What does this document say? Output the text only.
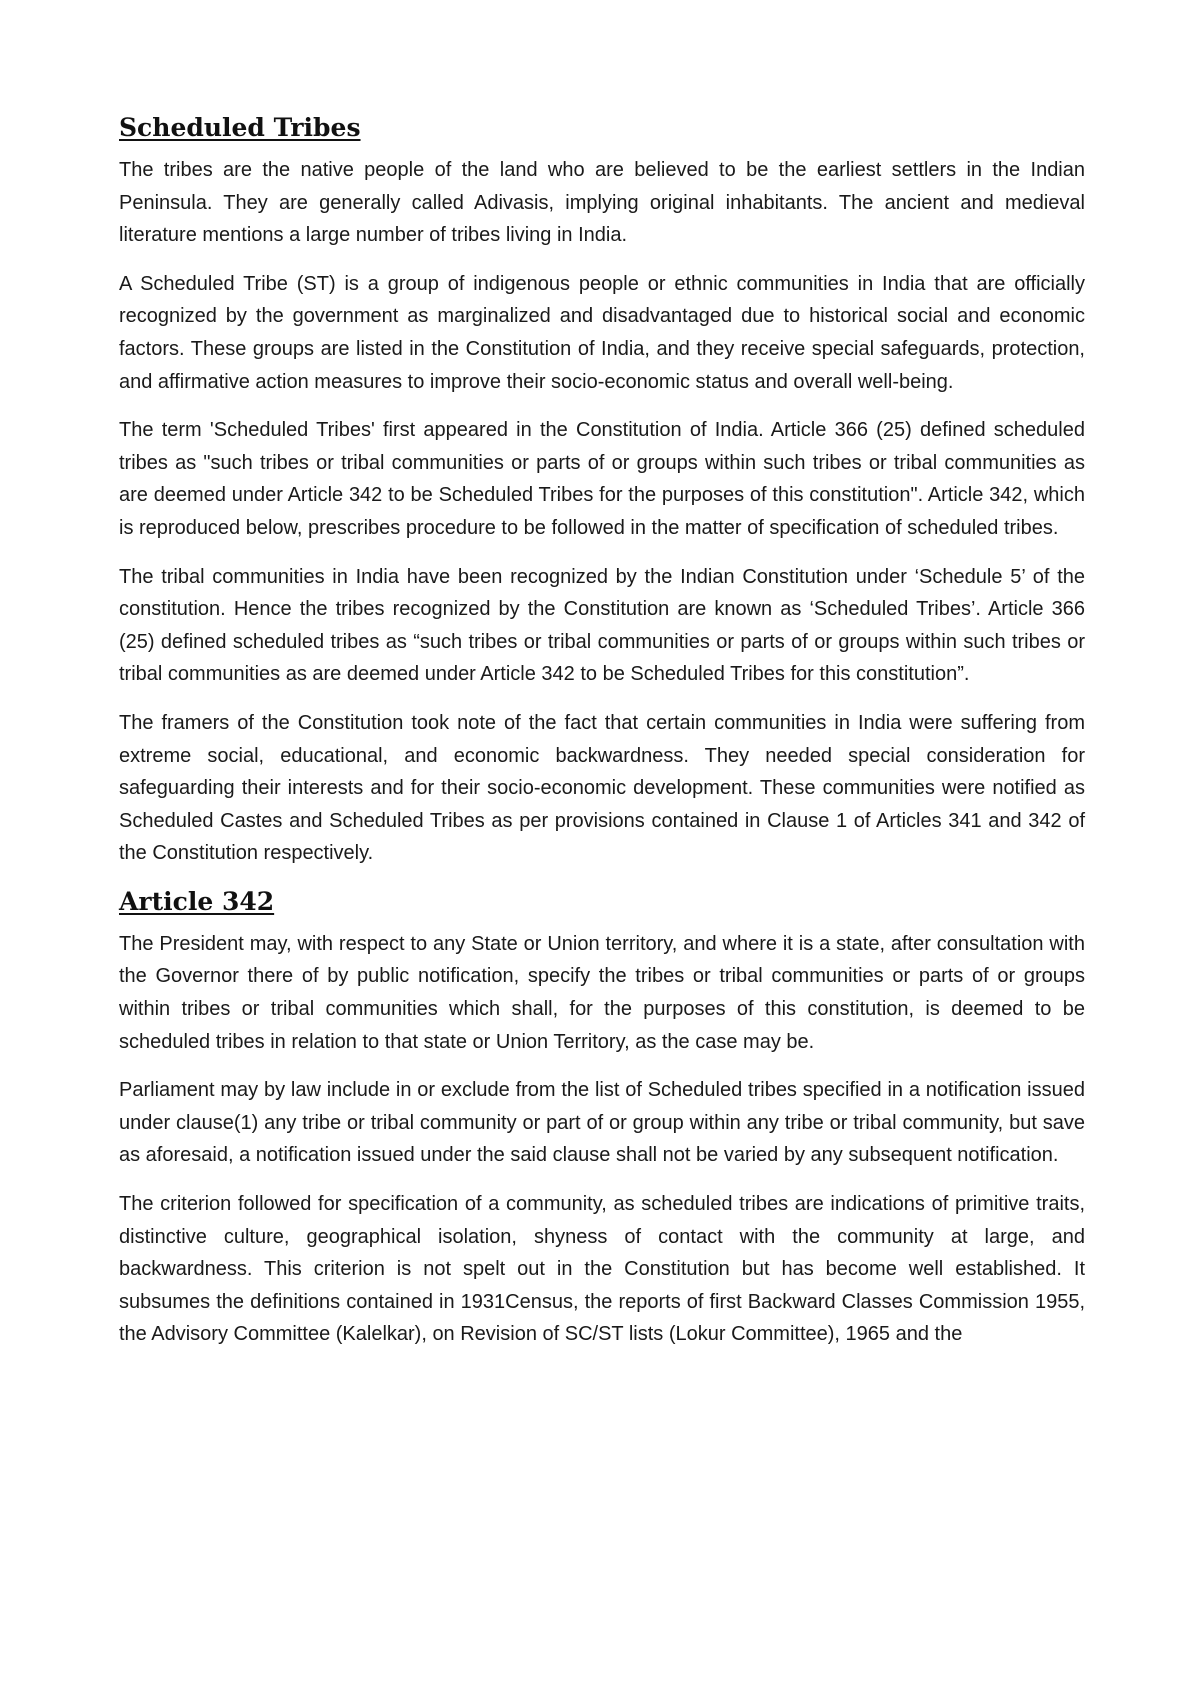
Scheduled Tribes

The tribes are the native people of the land who are believed to be the earliest settlers in the Indian Peninsula. They are generally called Adivasis, implying original inhabitants. The ancient and medieval literature mentions a large number of tribes living in India.

A Scheduled Tribe (ST) is a group of indigenous people or ethnic communities in India that are officially recognized by the government as marginalized and disadvantaged due to historical social and economic factors. These groups are listed in the Constitution of India, and they receive special safeguards, protection, and affirmative action measures to improve their socio-economic status and overall well-being.

The term 'Scheduled Tribes' first appeared in the Constitution of India. Article 366 (25) defined scheduled tribes as "such tribes or tribal communities or parts of or groups within such tribes or tribal communities as are deemed under Article 342 to be Scheduled Tribes for the purposes of this constitution". Article 342, which is reproduced below, prescribes procedure to be followed in the matter of specification of scheduled tribes.

The tribal communities in India have been recognized by the Indian Constitution under ‘Schedule 5’ of the constitution. Hence the tribes recognized by the Constitution are known as ‘Scheduled Tribes’. Article 366 (25) defined scheduled tribes as “such tribes or tribal communities or parts of or groups within such tribes or tribal communities as are deemed under Article 342 to be Scheduled Tribes for this constitution”.

The framers of the Constitution took note of the fact that certain communities in India were suffering from extreme social, educational, and economic backwardness. They needed special consideration for safeguarding their interests and for their socio-economic development. These communities were notified as Scheduled Castes and Scheduled Tribes as per provisions contained in Clause 1 of Articles 341 and 342 of the Constitution respectively.

Article 342

The President may, with respect to any State or Union territory, and where it is a state, after consultation with the Governor there of by public notification, specify the tribes or tribal communities or parts of or groups within tribes or tribal communities which shall, for the purposes of this constitution, is deemed to be scheduled tribes in relation to that state or Union Territory, as the case may be.

Parliament may by law include in or exclude from the list of Scheduled tribes specified in a notification issued under clause(1) any tribe or tribal community or part of or group within any tribe or tribal community, but save as aforesaid, a notification issued under the said clause shall not be varied by any subsequent notification.

The criterion followed for specification of a community, as scheduled tribes are indications of primitive traits, distinctive culture, geographical isolation, shyness of contact with the community at large, and backwardness. This criterion is not spelt out in the Constitution but has become well established. It subsumes the definitions contained in 1931Census, the reports of first Backward Classes Commission 1955, the Advisory Committee (Kalelkar), on Revision of SC/ST lists (Lokur Committee), 1965 and the
